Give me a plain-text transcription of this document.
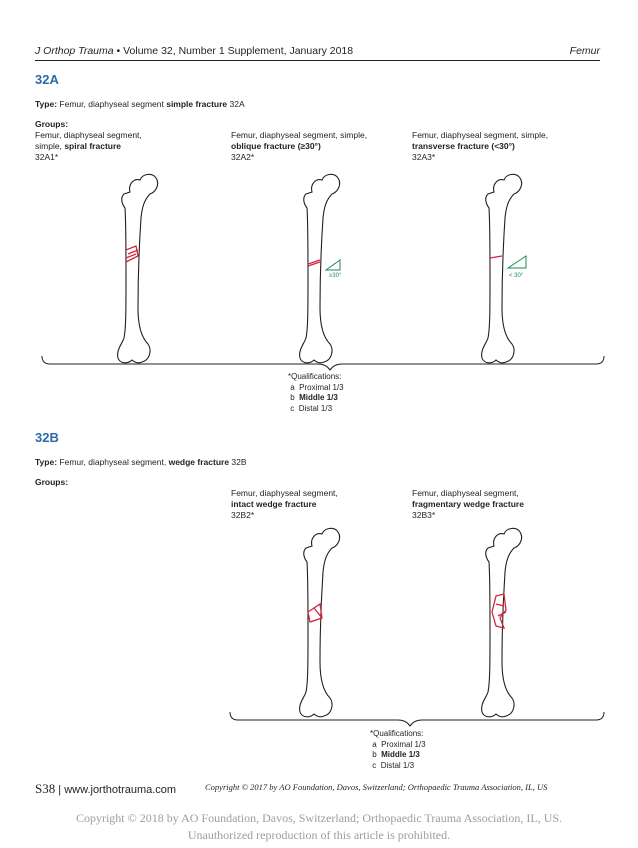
J Orthop Trauma • Volume 32, Number 1 Supplement, January 2018	Femur
32A
Type: Femur, diaphyseal segment simple fracture 32A
Groups:
Femur, diaphyseal segment,
simple, spiral fracture
32A1*
Femur, diaphyseal segment, simple,
oblique fracture (≥30°)
32A2*
Femur, diaphyseal segment, simple,
transverse fracture (<30°)
32A3*
≥30°	< 30°
*Qualifications:
a Proximal 1/3
b Middle 1/3
c Distal 1/3
32B
Type: Femur, diaphyseal segment, wedge fracture 32B
Groups:
Femur, diaphyseal segment,
intact wedge fracture
32B2*
Femur, diaphyseal segment,
fragmentary wedge fracture
32B3*
*Qualifications:
a Proximal 1/3
b Middle 1/3
c Distal 1/3
S38 | www.jorthotrauma.com	Copyright © 2017 by AO Foundation, Davos, Switzerland; Orthopaedic Trauma Association, IL, US
Copyright © 2018 by AO Foundation, Davos, Switzerland; Orthopaedic Trauma Association, IL, US.
Unauthorized reproduction of this article is prohibited.
